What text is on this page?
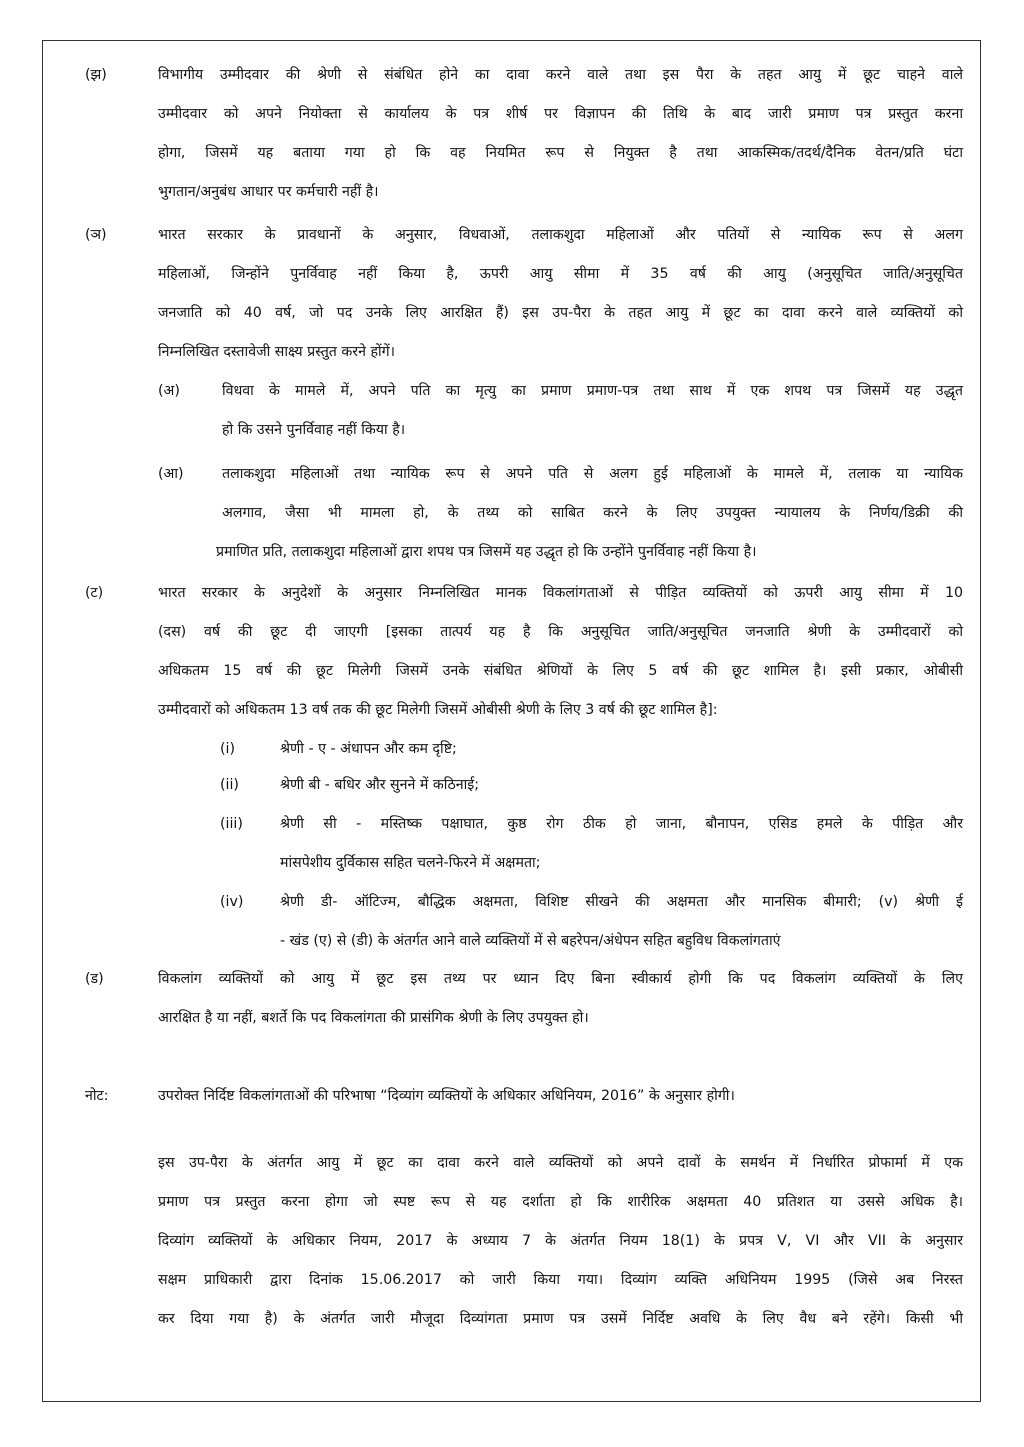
(झ)	विभागीय उम्मीदवार की श्रेणी से संबंधित होने का दावा करने वाले तथा इस पैरा के तहत आयु में छूट चाहने वाले
उम्मीदवार को अपने नियोक्ता से कार्यालय के पत्र शीर्ष पर विज्ञापन की तिथि के बाद जारी प्रमाण पत्र प्रस्तुत करना
होगा, जिसमें यह बताया गया हो कि वह नियमित रूप से नियुक्त है तथा आकस्मिक/तदर्थ/दैनिक वेतन/प्रति घंटा
भुगतान/अनुबंध आधार पर कर्मचारी नहीं है।
(ञ)	भारत सरकार के प्रावधानों के अनुसार, विधवाओं, तलाकशुदा महिलाओं और पतियों से न्यायिक रूप से अलग
महिलाओं, जिन्होंने पुनर्विवाह नहीं किया है, ऊपरी आयु सीमा में 35 वर्ष की आयु (अनुसूचित जाति/अनुसूचित
जनजाति को 40 वर्ष, जो पद उनके लिए आरक्षित हैं) इस उप-पैरा के तहत आयु में छूट का दावा करने वाले व्यक्तियों को
निम्नलिखित दस्तावेजी साक्ष्य प्रस्तुत करने होंगें।
(अ)	विधवा के मामले में, अपने पति का मृत्यु का प्रमाण प्रमाण-पत्र तथा साथ में एक शपथ पत्र जिसमें यह उद्धृत
हो कि उसने पुनर्विवाह नहीं किया है।
(आ)	तलाकशुदा महिलाओं तथा न्यायिक रूप से अपने पति से अलग हुई महिलाओं के मामले में, तलाक या न्यायिक
अलगाव, जैसा भी मामला हो, के तथ्य को साबित करने के लिए उपयुक्त न्यायालय के निर्णय/डिक्री की
प्रमाणित प्रति, तलाकशुदा महिलाओं द्वारा शपथ पत्र जिसमें यह उद्धृत हो कि उन्होंने पुनर्विवाह नहीं किया है।
(ट)	भारत सरकार के अनुदेशों के अनुसार निम्नलिखित मानक विकलांगताओं से पीड़ित व्यक्तियों को ऊपरी आयु सीमा में 10
(दस) वर्ष की छूट दी जाएगी [इसका तात्पर्य यह है कि अनुसूचित जाति/अनुसूचित जनजाति श्रेणी के उम्मीदवारों को
अधिकतम 15 वर्ष की छूट मिलेगी जिसमें उनके संबंधित श्रेणियों के लिए 5 वर्ष की छूट शामिल है। इसी प्रकार, ओबीसी
उम्मीदवारों को अधिकतम 13 वर्ष तक की छूट मिलेगी जिसमें ओबीसी श्रेणी के लिए 3 वर्ष की छूट शामिल है]:
(i)	श्रेणी - ए - अंधापन और कम दृष्टि;
(ii)	श्रेणी बी - बधिर और सुनने में कठिनाई;
(iii)	श्रेणी सी - मस्तिष्क पक्षाघात, कुष्ठ रोग ठीक हो जाना, बौनापन, एसिड हमले के पीड़ित और
मांसपेशीय दुर्विकास सहित चलने-फिरने में अक्षमता;
(iv)	श्रेणी डी- ऑटिज्म, बौद्धिक अक्षमता, विशिष्ट सीखने की अक्षमता और मानसिक बीमारी; (v) श्रेणी ई
- खंड (ए) से (डी) के अंतर्गत आने वाले व्यक्तियों में से बहरेपन/अंधेपन सहित बहुविध विकलांगताएं
(ड)	विकलांग व्यक्तियों को आयु में छूट इस तथ्य पर ध्यान दिए बिना स्वीकार्य होगी कि पद विकलांग व्यक्तियों के लिए
आरक्षित है या नहीं, बशर्ते कि पद विकलांगता की प्रासंगिक श्रेणी के लिए उपयुक्त हो।
नोट:	उपरोक्त निर्दिष्ट विकलांगताओं की परिभाषा “दिव्यांग व्यक्तियों के अधिकार अधिनियम, 2016” के अनुसार होगी।
इस उप-पैरा के अंतर्गत आयु में छूट का दावा करने वाले व्यक्तियों को अपने दावों के समर्थन में निर्धारित प्रोफार्मा में एक
प्रमाण पत्र प्रस्तुत करना होगा जो स्पष्ट रूप से यह दर्शाता हो कि शारीरिक अक्षमता 40 प्रतिशत या उससे अधिक है।
दिव्यांग व्यक्तियों के अधिकार नियम, 2017 के अध्याय 7 के अंतर्गत नियम 18(1) के प्रपत्र V, VI और VII के अनुसार
सक्षम प्राधिकारी द्वारा दिनांक 15.06.2017 को जारी किया गया। दिव्यांग व्यक्ति अधिनियम 1995 (जिसे अब निरस्त
कर दिया गया है) के अंतर्गत जारी मौजूदा दिव्यांगता प्रमाण पत्र उसमें निर्दिष्ट अवधि के लिए वैध बने रहेंगे। किसी भी
